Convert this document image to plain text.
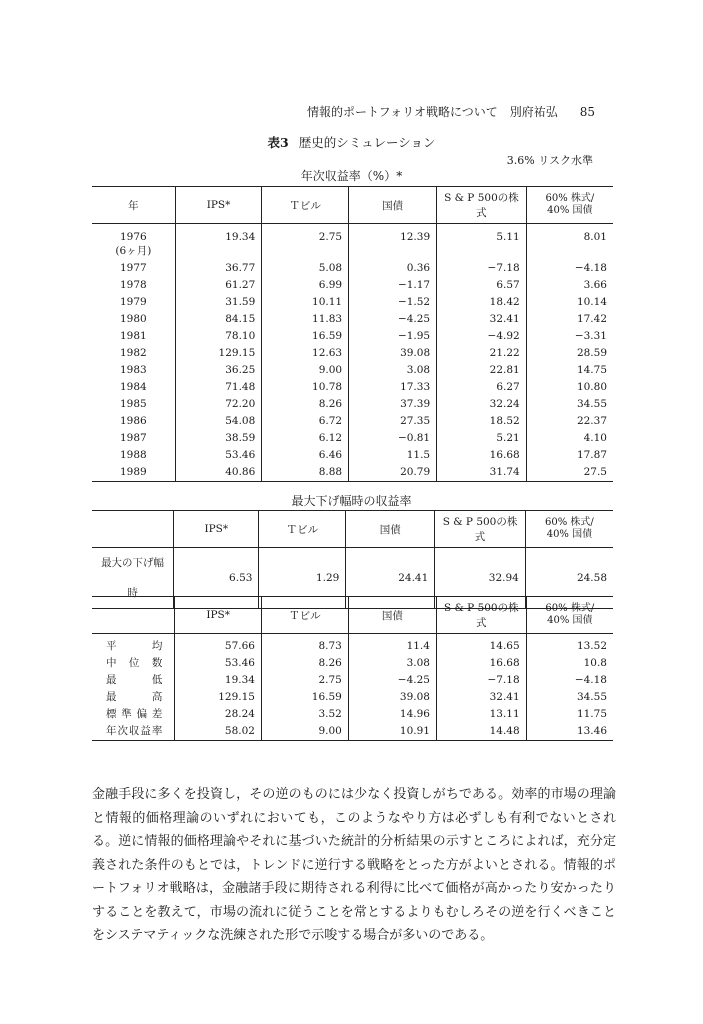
情報的ポートフォリオ戦略について　別府祐弘 85
表3 歴史的シミュレーション
3.6% リスク水準
年次収益率（%）*
年	IPS*	Ｔビル	国債	S & P 500の株式	60% 株式/
40% 国債
1976
(6ヶ月)	19.34	2.75	12.39	5.11	8.01
1977	36.77	5.08	0.36	−7.18	−4.18
1978	61.27	6.99	−1.17	6.57	3.66
1979	31.59	10.11	−1.52	18.42	10.14
1980	84.15	11.83	−4.25	32.41	17.42
1981	78.10	16.59	−1.95	−4.92	−3.31
1982	129.15	12.63	39.08	21.22	28.59
1983	36.25	9.00	3.08	22.81	14.75
1984	71.48	10.78	17.33	6.27	10.80
1985	72.20	8.26	37.39	32.24	34.55
1986	54.08	6.72	27.35	18.52	22.37
1987	38.59	6.12	−0.81	5.21	4.10
1988	53.46	6.46	11.5	16.68	17.87
1989	40.86	8.88	20.79	31.74	27.5
最大下げ幅時の収益率
	IPS*	Ｔビル	国債	S & P 500の株式	60% 株式/
40% 国債
最大の下げ幅時	6.53	1.29	24.41	32.94	24.58
	IPS*	Ｔビル	国債	S & P 500の株式	60% 株式/
40% 国債
平均	57.66	8.73	11.4	14.65	13.52
中位数	53.46	8.26	3.08	16.68	10.8
最低	19.34	2.75	−4.25	−7.18	−4.18
最高	129.15	16.59	39.08	32.41	34.55
標準偏差	28.24	3.52	14.96	13.11	11.75
年次収益率	58.02	9.00	10.91	14.48	13.46

金融手段に多くを投資し，その逆のものには少なく投資しがちである。効率的市場の理論と情報的価格理論のいずれにおいても，このようなやり方は必ずしも有利でないとされる。逆に情報的価格理論やそれに基づいた統計的分析結果の示すところによれば，充分定義された条件のもとでは，トレンドに逆行する戦略をとった方がよいとされる。情報的ポートフォリオ戦略は，金融諸手段に期待される利得に比べて価格が高かったり安かったりすることを教えて，市場の流れに従うことを常とするよりもむしろその逆を行くべきことをシステマティックな洗練された形で示唆する場合が多いのである。
